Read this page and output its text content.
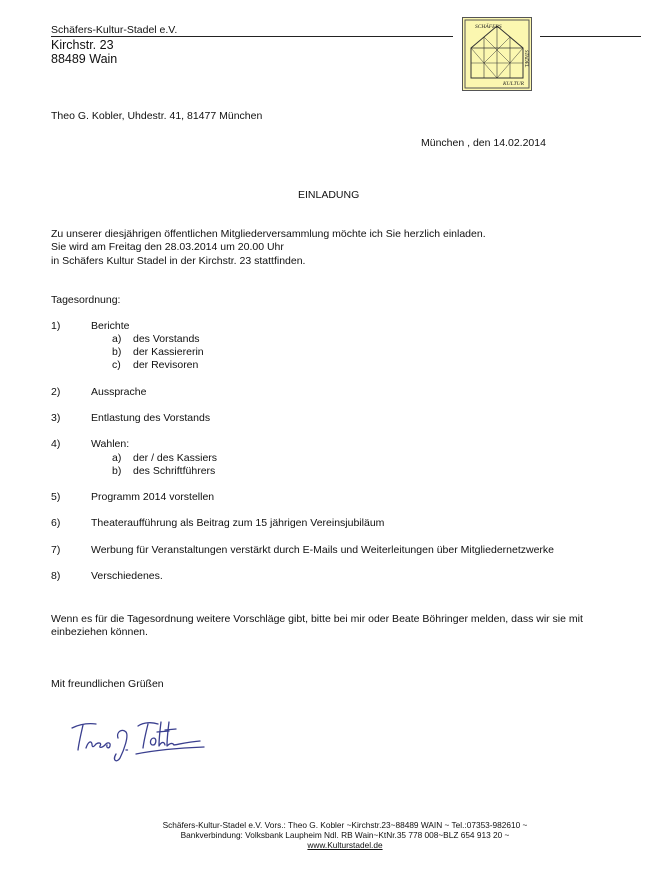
Schäfers-Kultur-Stadel e.V.
Kirchstr. 23
88489 Wain
SCHÄFERS
KULTUR
STADEL
Theo G. Kobler, Uhdestr. 41, 81477 München
München , den 14.02.2014
EINLADUNG
Zu unserer diesjährigen öffentlichen Mitgliederversammlung möchte ich Sie herzlich einladen.
Sie wird am Freitag den 28.03.2014 um 20.00 Uhr
in Schäfers Kultur Stadel in der Kirchstr. 23 stattfinden.
Tagesordnung:
1)	Berichte
a) des Vorstands
b) der Kassiererin
c) der Revisoren
2)	Aussprache
3)	Entlastung des Vorstands
4)	Wahlen:
a) der / des Kassiers
b) des Schriftführers
5)	Programm 2014 vorstellen
6)	Theateraufführung als Beitrag zum 15 jährigen Vereinsjubiläum
7)	Werbung für Veranstaltungen verstärkt durch E-Mails und Weiterleitungen über Mitgliedernetzwerke
8)	Verschiedenes.
Wenn es für die Tagesordnung weitere Vorschläge gibt, bitte bei mir oder Beate Böhringer melden, dass wir sie mit
einbeziehen können.
Mit freundlichen Grüßen
Schäfers-Kultur-Stadel e.V. Vors.: Theo G. Kobler ~Kirchstr.23~88489 WAIN ~ Tel.:07353-982610 ~
Bankverbindung: Volksbank Laupheim Ndl. RB Wain~KtNr.35 778 008~BLZ 654 913 20 ~
www.Kulturstadel.de
